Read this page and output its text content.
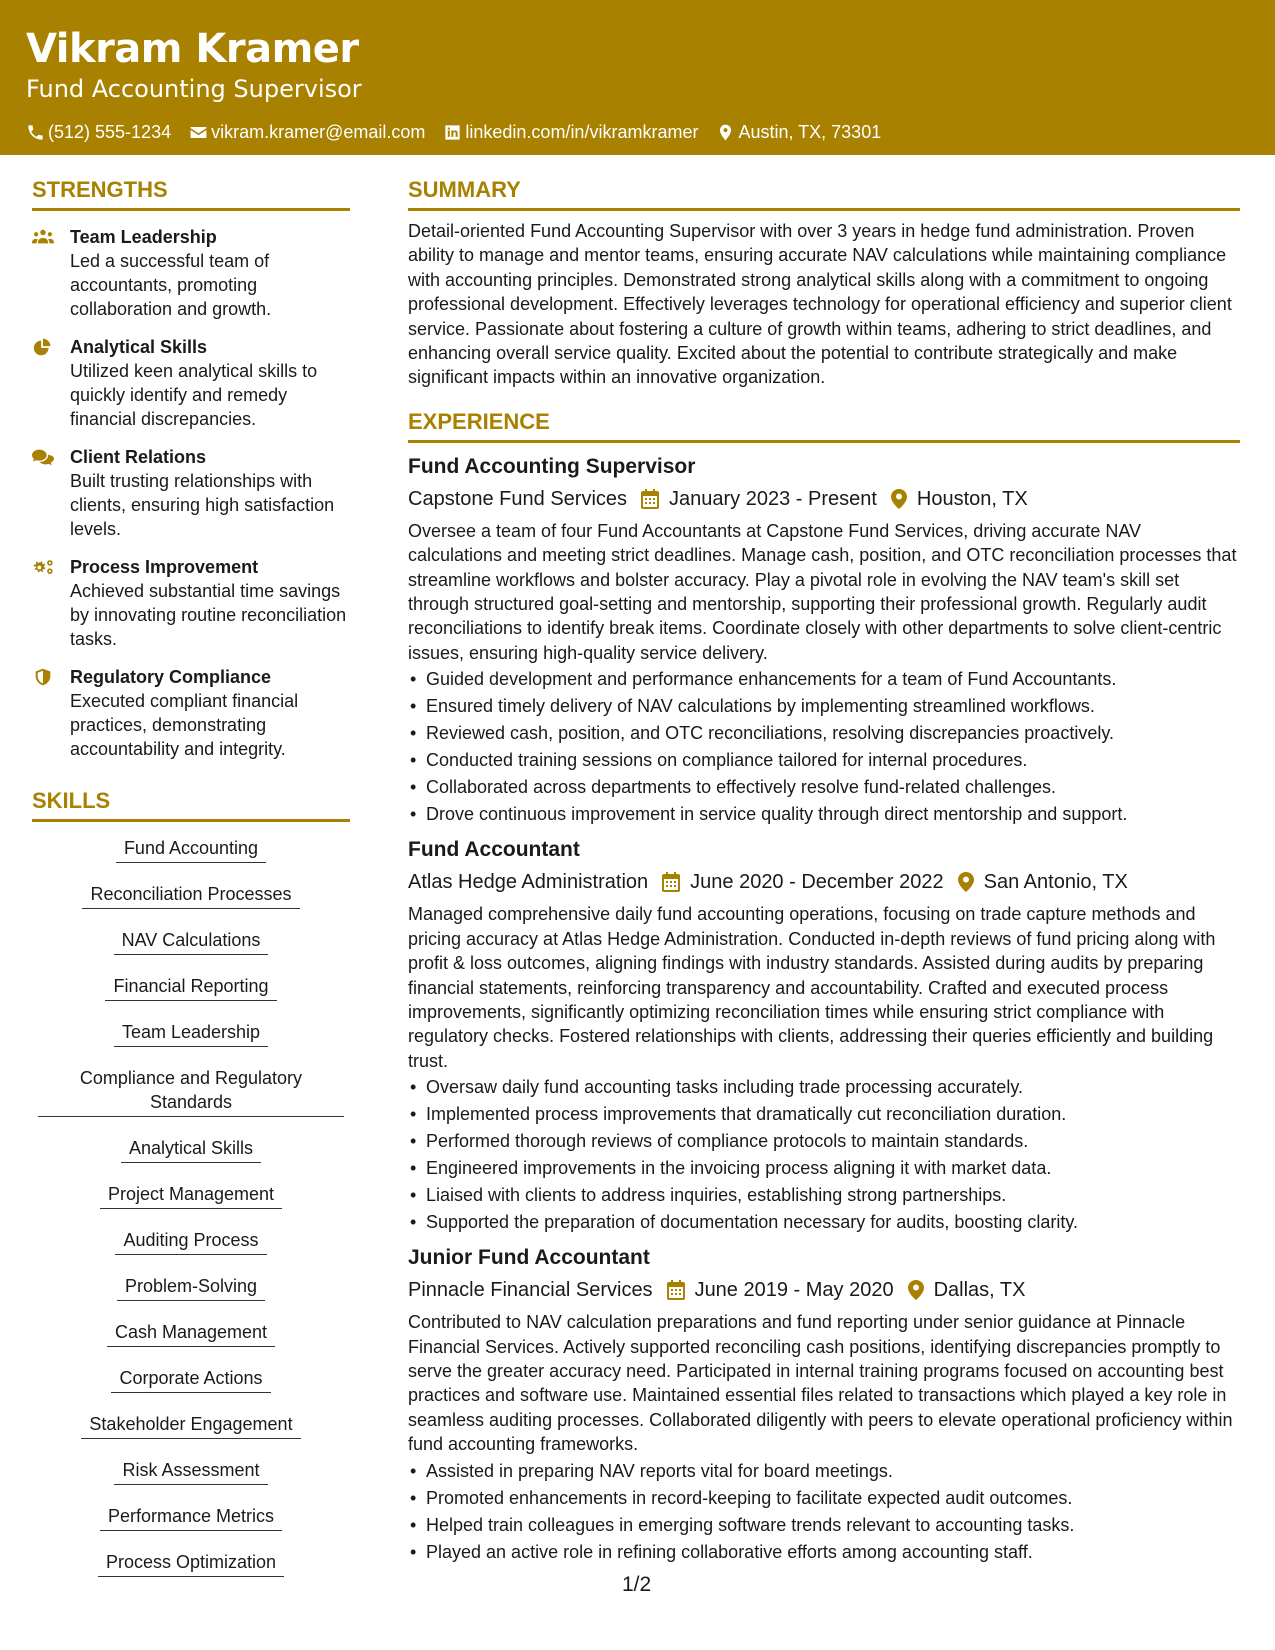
Vikram Kramer
Fund Accounting Supervisor
(512) 555-1234 vikram.kramer@email.com linkedin.com/in/vikramkramer Austin, TX, 73301
STRENGTHS
Team Leadership
Led a successful team of accountants, promoting collaboration and growth.
Analytical Skills
Utilized keen analytical skills to quickly identify and remedy financial discrepancies.
Client Relations
Built trusting relationships with clients, ensuring high satisfaction levels.
Process Improvement
Achieved substantial time savings by innovating routine reconciliation tasks.
Regulatory Compliance
Executed compliant financial practices, demonstrating accountability and integrity.
SKILLS
Fund Accounting
Reconciliation Processes
NAV Calculations
Financial Reporting
Team Leadership
Compliance and Regulatory Standards
Analytical Skills
Project Management
Auditing Process
Problem-Solving
Cash Management
Corporate Actions
Stakeholder Engagement
Risk Assessment
Performance Metrics
Process Optimization
SUMMARY
Detail-oriented Fund Accounting Supervisor with over 3 years in hedge fund administration. Proven ability to manage and mentor teams, ensuring accurate NAV calculations while maintaining compliance with accounting principles. Demonstrated strong analytical skills along with a commitment to ongoing professional development. Effectively leverages technology for operational efficiency and superior client service. Passionate about fostering a culture of growth within teams, adhering to strict deadlines, and enhancing overall service quality. Excited about the potential to contribute strategically and make significant impacts within an innovative organization.
EXPERIENCE
Fund Accounting Supervisor
Capstone Fund Services January 2023 - Present Houston, TX
Oversee a team of four Fund Accountants at Capstone Fund Services, driving accurate NAV calculations and meeting strict deadlines. Manage cash, position, and OTC reconciliation processes that streamline workflows and bolster accuracy. Play a pivotal role in evolving the NAV team's skill set through structured goal-setting and mentorship, supporting their professional growth. Regularly audit reconciliations to identify break items. Coordinate closely with other departments to solve client-centric issues, ensuring high-quality service delivery.
• Guided development and performance enhancements for a team of Fund Accountants.
• Ensured timely delivery of NAV calculations by implementing streamlined workflows.
• Reviewed cash, position, and OTC reconciliations, resolving discrepancies proactively.
• Conducted training sessions on compliance tailored for internal procedures.
• Collaborated across departments to effectively resolve fund-related challenges.
• Drove continuous improvement in service quality through direct mentorship and support.
Fund Accountant
Atlas Hedge Administration June 2020 - December 2022 San Antonio, TX
Managed comprehensive daily fund accounting operations, focusing on trade capture methods and pricing accuracy at Atlas Hedge Administration. Conducted in-depth reviews of fund pricing along with profit & loss outcomes, aligning findings with industry standards. Assisted during audits by preparing financial statements, reinforcing transparency and accountability. Crafted and executed process improvements, significantly optimizing reconciliation times while ensuring strict compliance with regulatory checks. Fostered relationships with clients, addressing their queries efficiently and building trust.
• Oversaw daily fund accounting tasks including trade processing accurately.
• Implemented process improvements that dramatically cut reconciliation duration.
• Performed thorough reviews of compliance protocols to maintain standards.
• Engineered improvements in the invoicing process aligning it with market data.
• Liaised with clients to address inquiries, establishing strong partnerships.
• Supported the preparation of documentation necessary for audits, boosting clarity.
Junior Fund Accountant
Pinnacle Financial Services June 2019 - May 2020 Dallas, TX
Contributed to NAV calculation preparations and fund reporting under senior guidance at Pinnacle Financial Services. Actively supported reconciling cash positions, identifying discrepancies promptly to serve the greater accuracy need. Participated in internal training programs focused on accounting best practices and software use. Maintained essential files related to transactions which played a key role in seamless auditing processes. Collaborated diligently with peers to elevate operational proficiency within fund accounting frameworks.
• Assisted in preparing NAV reports vital for board meetings.
• Promoted enhancements in record-keeping to facilitate expected audit outcomes.
• Helped train colleagues in emerging software trends relevant to accounting tasks.
• Played an active role in refining collaborative efforts among accounting staff.
1/2
